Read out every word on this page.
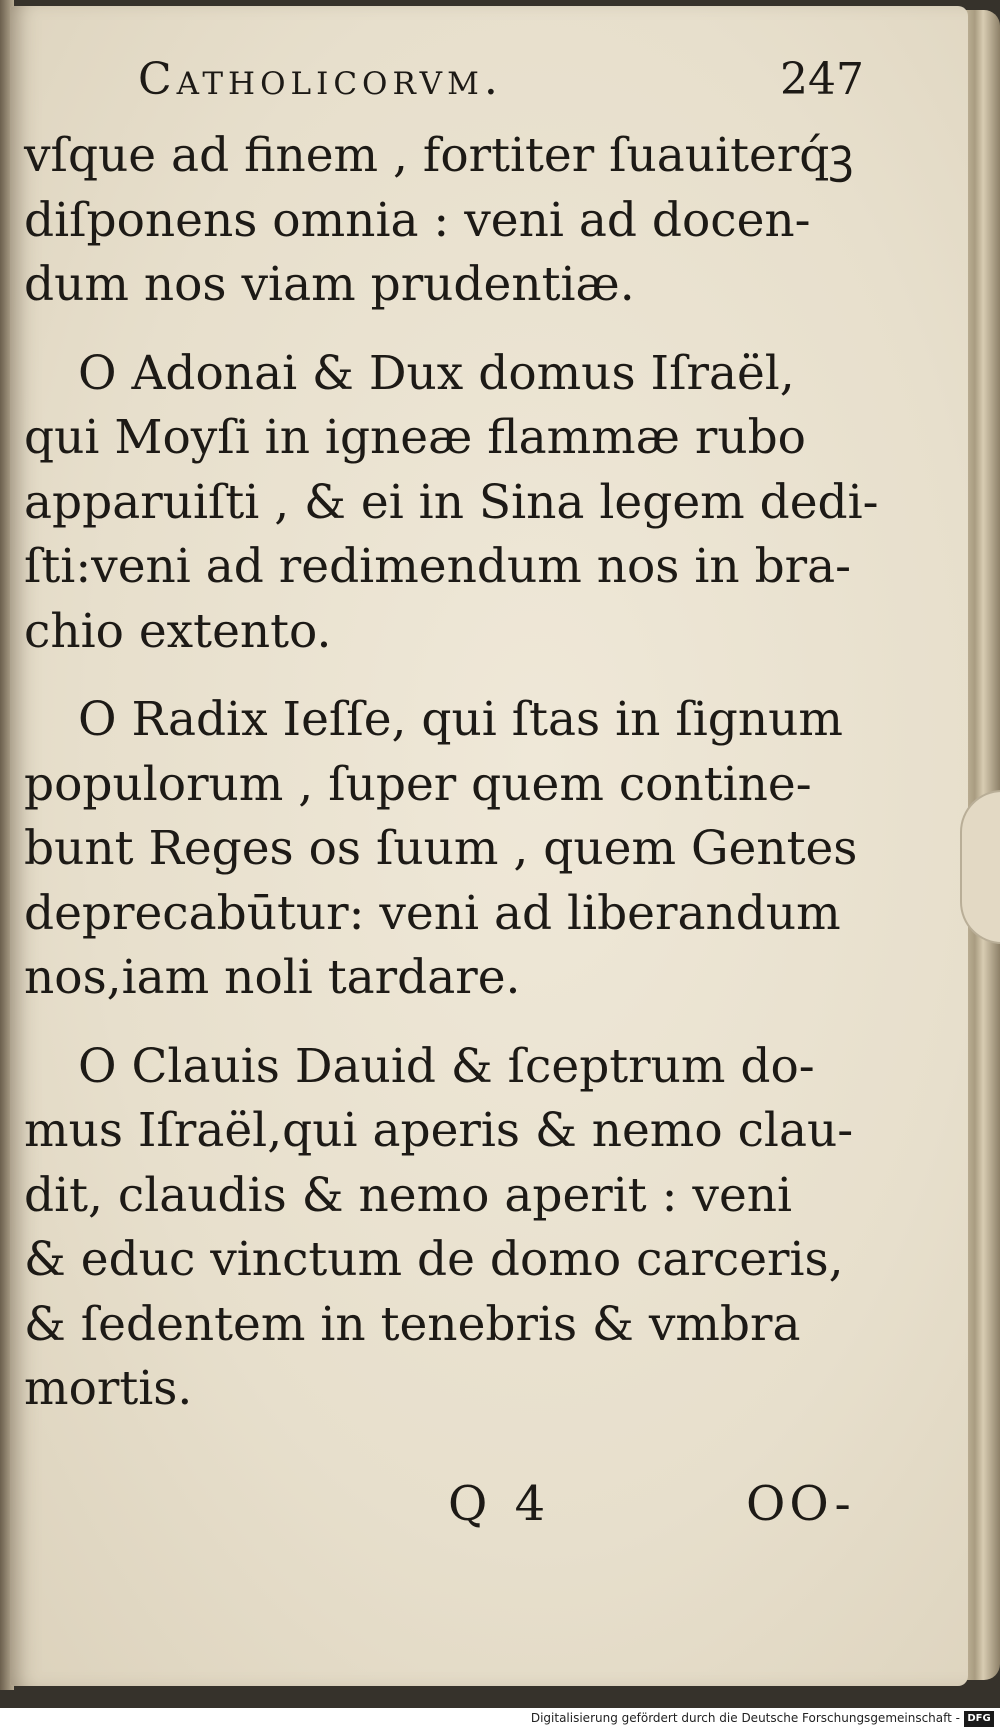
Catholicorvm.	247

vſque ad finem , fortiter ſuauiterq́ꝫ
diſponens omnia : veni ad docen-
dum nos viam prudentiæ.

O Adonai & Dux domus Iſraël,
qui Moyſi in igneæ flammæ rubo
apparuiſti , & ei in Sina legem dedi-
ſti:veni ad redimendum nos in bra-
chio extento.

O Radix Ieſſe, qui ſtas in ſignum
populorum , ſuper quem contine-
bunt Reges os ſuum , quem Gentes
deprecabūtur: veni ad liberandum
nos,iam noli tardare.

O Clauis Dauid & ſceptrum do-
mus Iſraël,qui aperis & nemo clau-
dit, claudis & nemo aperit : veni
& educ vinctum de domo carceris,
& ſedentem in tenebris & vmbra
mortis.

Q 4	OO-
Digitalisierung gefördert durch die Deutsche Forschungsgemeinschaft - DFG
